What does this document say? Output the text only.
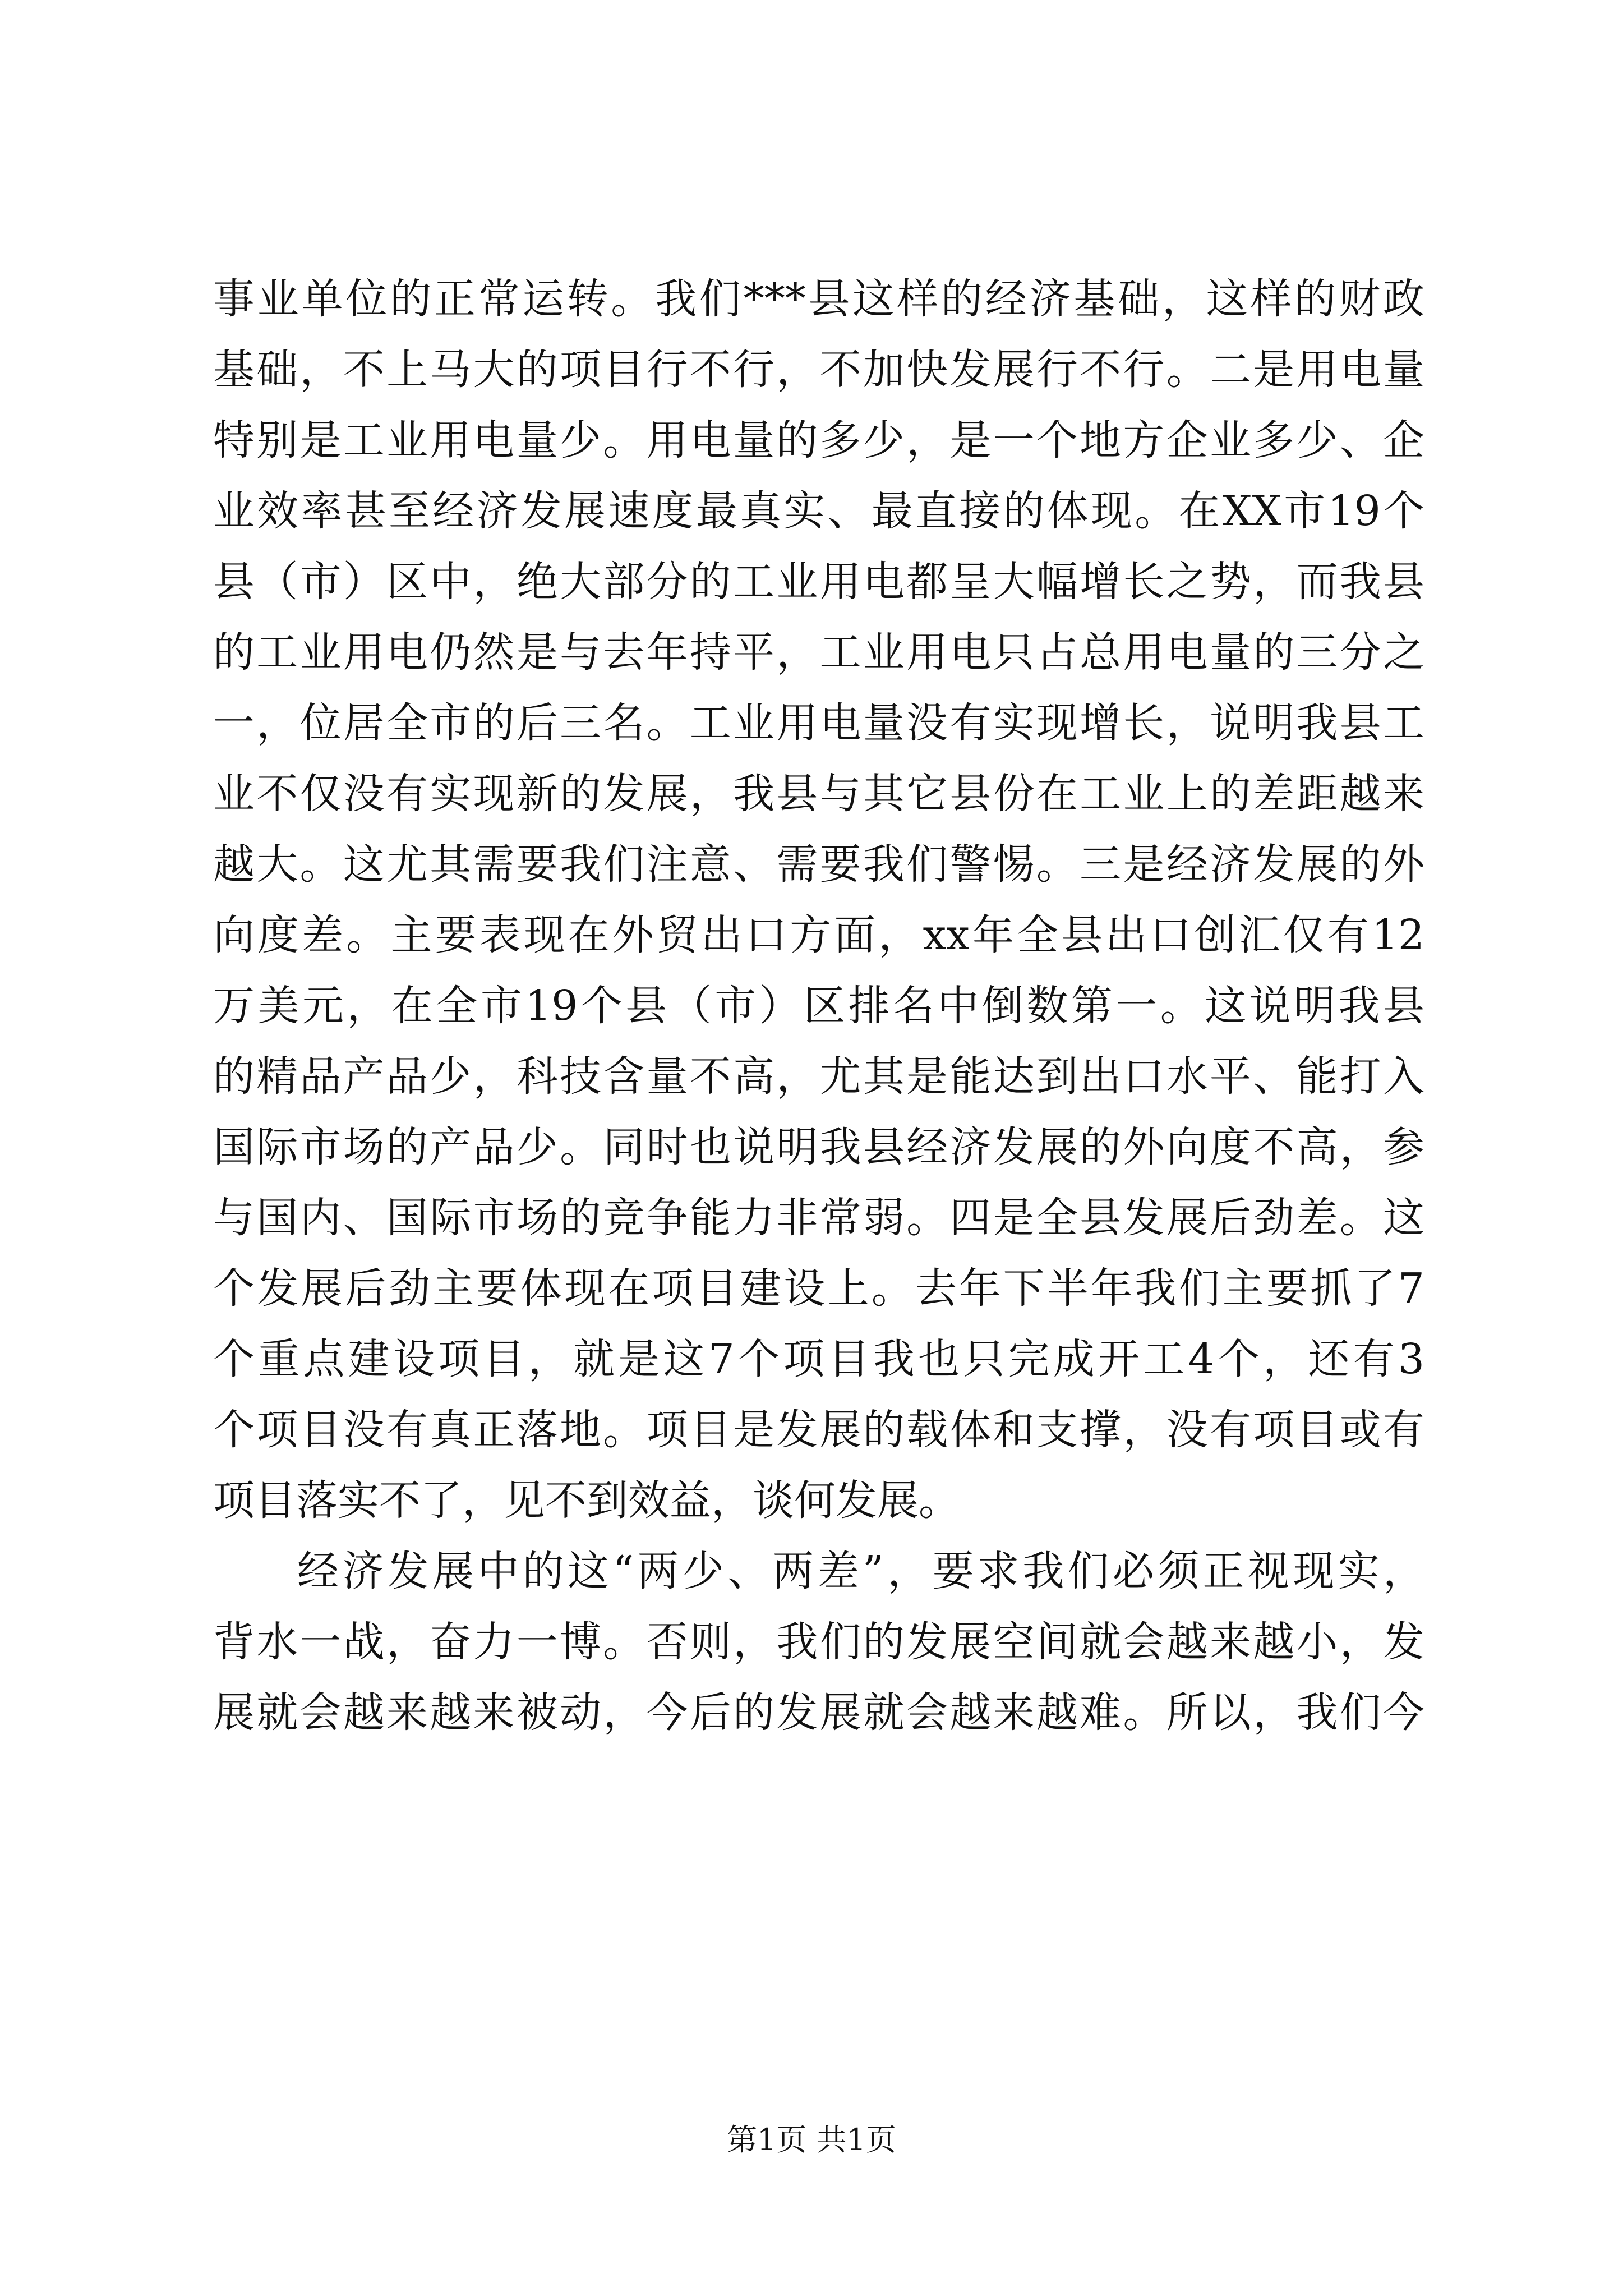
事业单位的正常运转。我们***县这样的经济基础，这样的财政
基础，不上马大的项目行不行，不加快发展行不行。二是用电量
特别是工业用电量少。用电量的多少，是一个地方企业多少、企
业效率甚至经济发展速度最真实、最直接的体现。在XX市19个
县（市）区中，绝大部分的工业用电都呈大幅增长之势，而我县
的工业用电仍然是与去年持平，工业用电只占总用电量的三分之
一，位居全市的后三名。工业用电量没有实现增长，说明我县工
业不仅没有实现新的发展，我县与其它县份在工业上的差距越来
越大。这尤其需要我们注意、需要我们警惕。三是经济发展的外
向度差。主要表现在外贸出口方面，xx年全县出口创汇仅有12
万美元，在全市19个县（市）区排名中倒数第一。这说明我县
的精品产品少，科技含量不高，尤其是能达到出口水平、能打入
国际市场的产品少。同时也说明我县经济发展的外向度不高，参
与国内、国际市场的竞争能力非常弱。四是全县发展后劲差。这
个发展后劲主要体现在项目建设上。去年下半年我们主要抓了7
个重点建设项目，就是这7个项目我也只完成开工4个，还有3
个项目没有真正落地。项目是发展的载体和支撑，没有项目或有
项目落实不了，见不到效益，谈何发展。
经济发展中的这“两少、两差”，要求我们必须正视现实，
背水一战，奋力一博。否则，我们的发展空间就会越来越小，发
展就会越来越来被动，今后的发展就会越来越难。所以，我们今
第1页 共1页
